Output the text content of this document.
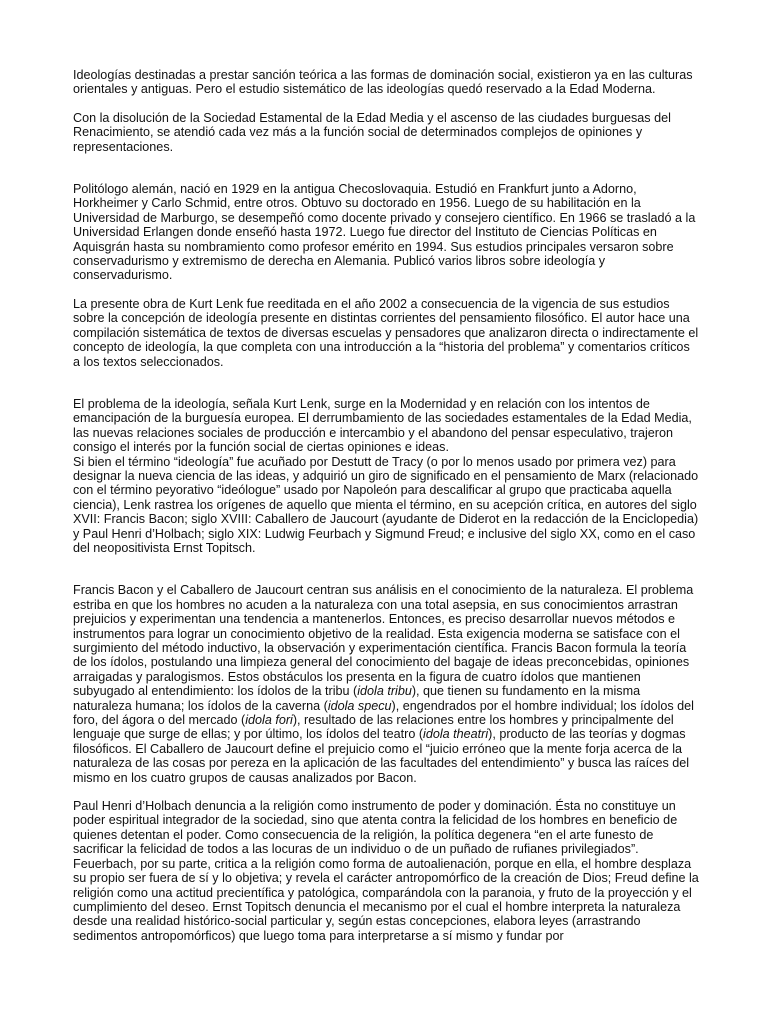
Ideologías destinadas a prestar sanción teórica a las formas de dominación social, existieron ya en las culturas orientales y antiguas. Pero el estudio sistemático de las ideologías quedó reservado a la Edad Moderna.

Con la disolución de la Sociedad Estamental de la Edad Media y el ascenso de las ciudades burguesas del Renacimiento, se atendió cada vez más a la función social de determinados complejos de opiniones y representaciones.

Politólogo alemán, nació en 1929 en la antigua Checoslovaquia. Estudió en Frankfurt junto a Adorno, Horkheimer y Carlo Schmid, entre otros. Obtuvo su doctorado en 1956. Luego de su habilitación en la Universidad de Marburgo, se desempeñó como docente privado y consejero científico. En 1966 se trasladó a la Universidad Erlangen donde enseñó hasta 1972. Luego fue director del Instituto de Ciencias Políticas en Aquisgrán hasta su nombramiento como profesor emérito en 1994. Sus estudios principales versaron sobre conservadurismo y extremismo de derecha en Alemania. Publicó varios libros sobre ideología y conservadurismo.

La presente obra de Kurt Lenk fue reeditada en el año 2002 a consecuencia de la vigencia de sus estudios sobre la concepción de ideología presente en distintas corrientes del pensamiento filosófico. El autor hace una compilación sistemática de textos de diversas escuelas y pensadores que analizaron directa o indirectamente el concepto de ideología, la que completa con una introducción a la “historia del problema” y comentarios críticos a los textos seleccionados.

El problema de la ideología, señala Kurt Lenk, surge en la Modernidad y en relación con los intentos de emancipación de la burguesía europea. El derrumbamiento de las sociedades estamentales de la Edad Media, las nuevas relaciones sociales de producción e intercambio y el abandono del pensar especulativo, trajeron consigo el interés por la función social de ciertas opiniones e ideas.

Si bien el término “ideología” fue acuñado por Destutt de Tracy (o por lo menos usado por primera vez) para designar la nueva ciencia de las ideas, y adquirió un giro de significado en el pensamiento de Marx (relacionado con el término peyorativo “ideólogue” usado por Napoleón para descalificar al grupo que practicaba aquella ciencia), Lenk rastrea los orígenes de aquello que mienta el término, en su acepción crítica, en autores del siglo XVII: Francis Bacon; siglo XVIII: Caballero de Jaucourt (ayudante de Diderot en la redacción de la Enciclopedia) y Paul Henri d’Holbach; siglo XIX: Ludwig Feurbach y Sigmund Freud; e inclusive del siglo XX, como en el caso del neopositivista Ernst Topitsch.

Francis Bacon y el Caballero de Jaucourt centran sus análisis en el conocimiento de la naturaleza. El problema estriba en que los hombres no acuden a la naturaleza con una total asepsia, en sus conocimientos arrastran prejuicios y experimentan una tendencia a mantenerlos. Entonces, es preciso desarrollar nuevos métodos e instrumentos para lograr un conocimiento objetivo de la realidad. Esta exigencia moderna se satisface con el surgimiento del método inductivo, la observación y experimentación científica. Francis Bacon formula la teoría de los ídolos, postulando una limpieza general del conocimiento del bagaje de ideas preconcebidas, opiniones arraigadas y paralogismos. Estos obstáculos los presenta en la figura de cuatro ídolos que mantienen subyugado al entendimiento: los ídolos de la tribu (idola tribu), que tienen su fundamento en la misma naturaleza humana; los ídolos de la caverna (idola specu), engendrados por el hombre individual; los ídolos del foro, del ágora o del mercado (idola fori), resultado de las relaciones entre los hombres y principalmente del lenguaje que surge de ellas; y por último, los ídolos del teatro (idola theatri), producto de las teorías y dogmas filosóficos. El Caballero de Jaucourt define el prejuicio como el “juicio erróneo que la mente forja acerca de la naturaleza de las cosas por pereza en la aplicación de las facultades del entendimiento” y busca las raíces del mismo en los cuatro grupos de causas analizados por Bacon.

Paul Henri d’Holbach denuncia a la religión como instrumento de poder y dominación. Ésta no constituye un poder espiritual integrador de la sociedad, sino que atenta contra la felicidad de los hombres en beneficio de quienes detentan el poder. Como consecuencia de la religión, la política degenera “en el arte funesto de sacrificar la felicidad de todos a las locuras de un individuo o de un puñado de rufianes privilegiados”. Feuerbach, por su parte, critica a la religión como forma de autoalienación, porque en ella, el hombre desplaza su propio ser fuera de sí y lo objetiva; y revela el carácter antropomórfico de la creación de Dios; Freud define la religión como una actitud precientífica y patológica, comparándola con la paranoia, y fruto de la proyección y el cumplimiento del deseo. Ernst Topitsch denuncia el mecanismo por el cual el hombre interpreta la naturaleza desde una realidad histórico-social particular y, según estas concepciones, elabora leyes (arrastrando sedimentos antropomórficos) que luego toma para interpretarse a sí mismo y fundar por
